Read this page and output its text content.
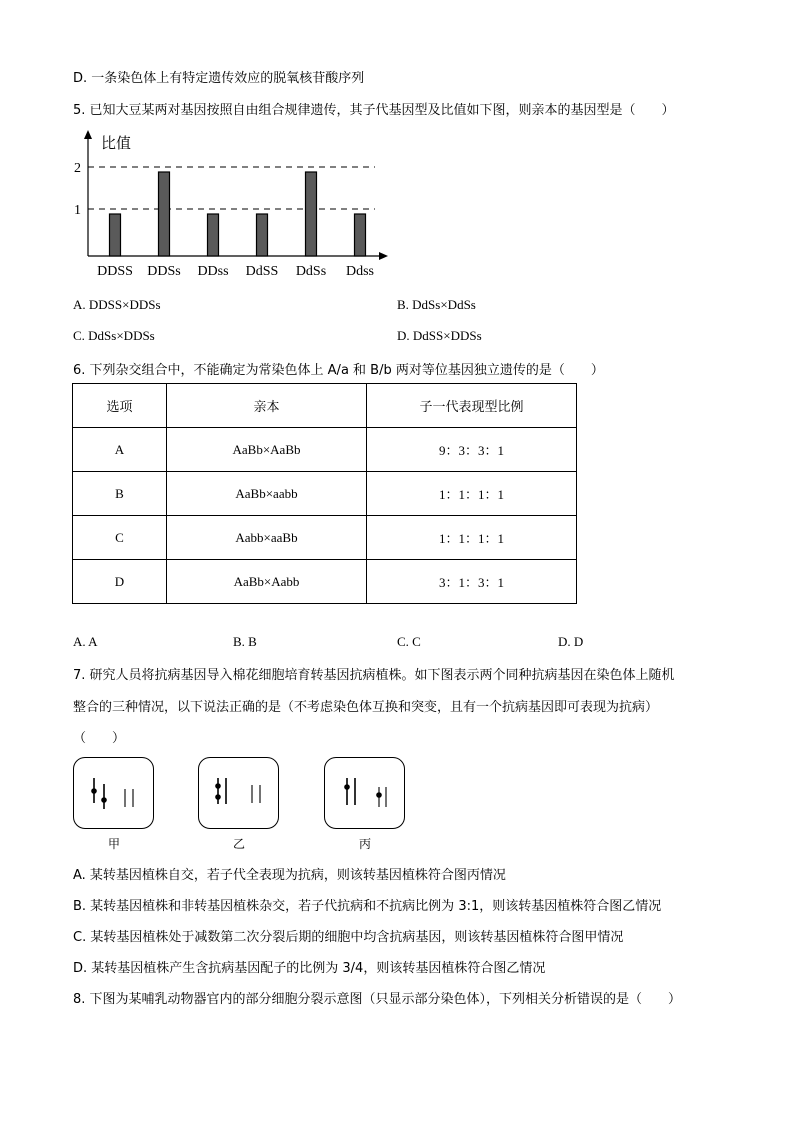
D. 一条染色体上有特定遗传效应的脱氧核苷酸序列
5. 已知大豆某两对基因按照自由组合规律遗传，其子代基因型及比值如下图，则亲本的基因型是（　　）
比值
2
1
DDSS DDSs DDss DdSS DdSs Ddss
A. DDSS×DDSs	B. DdSs×DdSs
C. DdSs×DDSs	D. DdSS×DDSs
6. 下列杂交组合中，不能确定为常染色体上 A/a 和 B/b 两对等位基因独立遗传的是（　　）
选项	亲本	子一代表现型比例
A	AaBb×AaBb	9：3：3：1
B	AaBb×aabb	1：1：1：1
C	Aabb×aaBb	1：1：1：1
D	AaBb×Aabb	3：1：3：1
A. A	B. B	C. C	D. D
7. 研究人员将抗病基因导入棉花细胞培育转基因抗病植株。如下图表示两个同种抗病基因在染色体上随机
整合的三种情况，以下说法正确的是（不考虑染色体互换和突变，且有一个抗病基因即可表现为抗病）
（　　）
甲	乙	丙
A. 某转基因植株自交，若子代全表现为抗病，则该转基因植株符合图丙情况
B. 某转基因植株和非转基因植株杂交，若子代抗病和不抗病比例为 3:1，则该转基因植株符合图乙情况
C. 某转基因植株处于减数第二次分裂后期的细胞中均含抗病基因，则该转基因植株符合图甲情况
D. 某转基因植株产生含抗病基因配子的比例为 3/4，则该转基因植株符合图乙情况
8. 下图为某哺乳动物器官内的部分细胞分裂示意图（只显示部分染色体），下列相关分析错误的是（　　）
